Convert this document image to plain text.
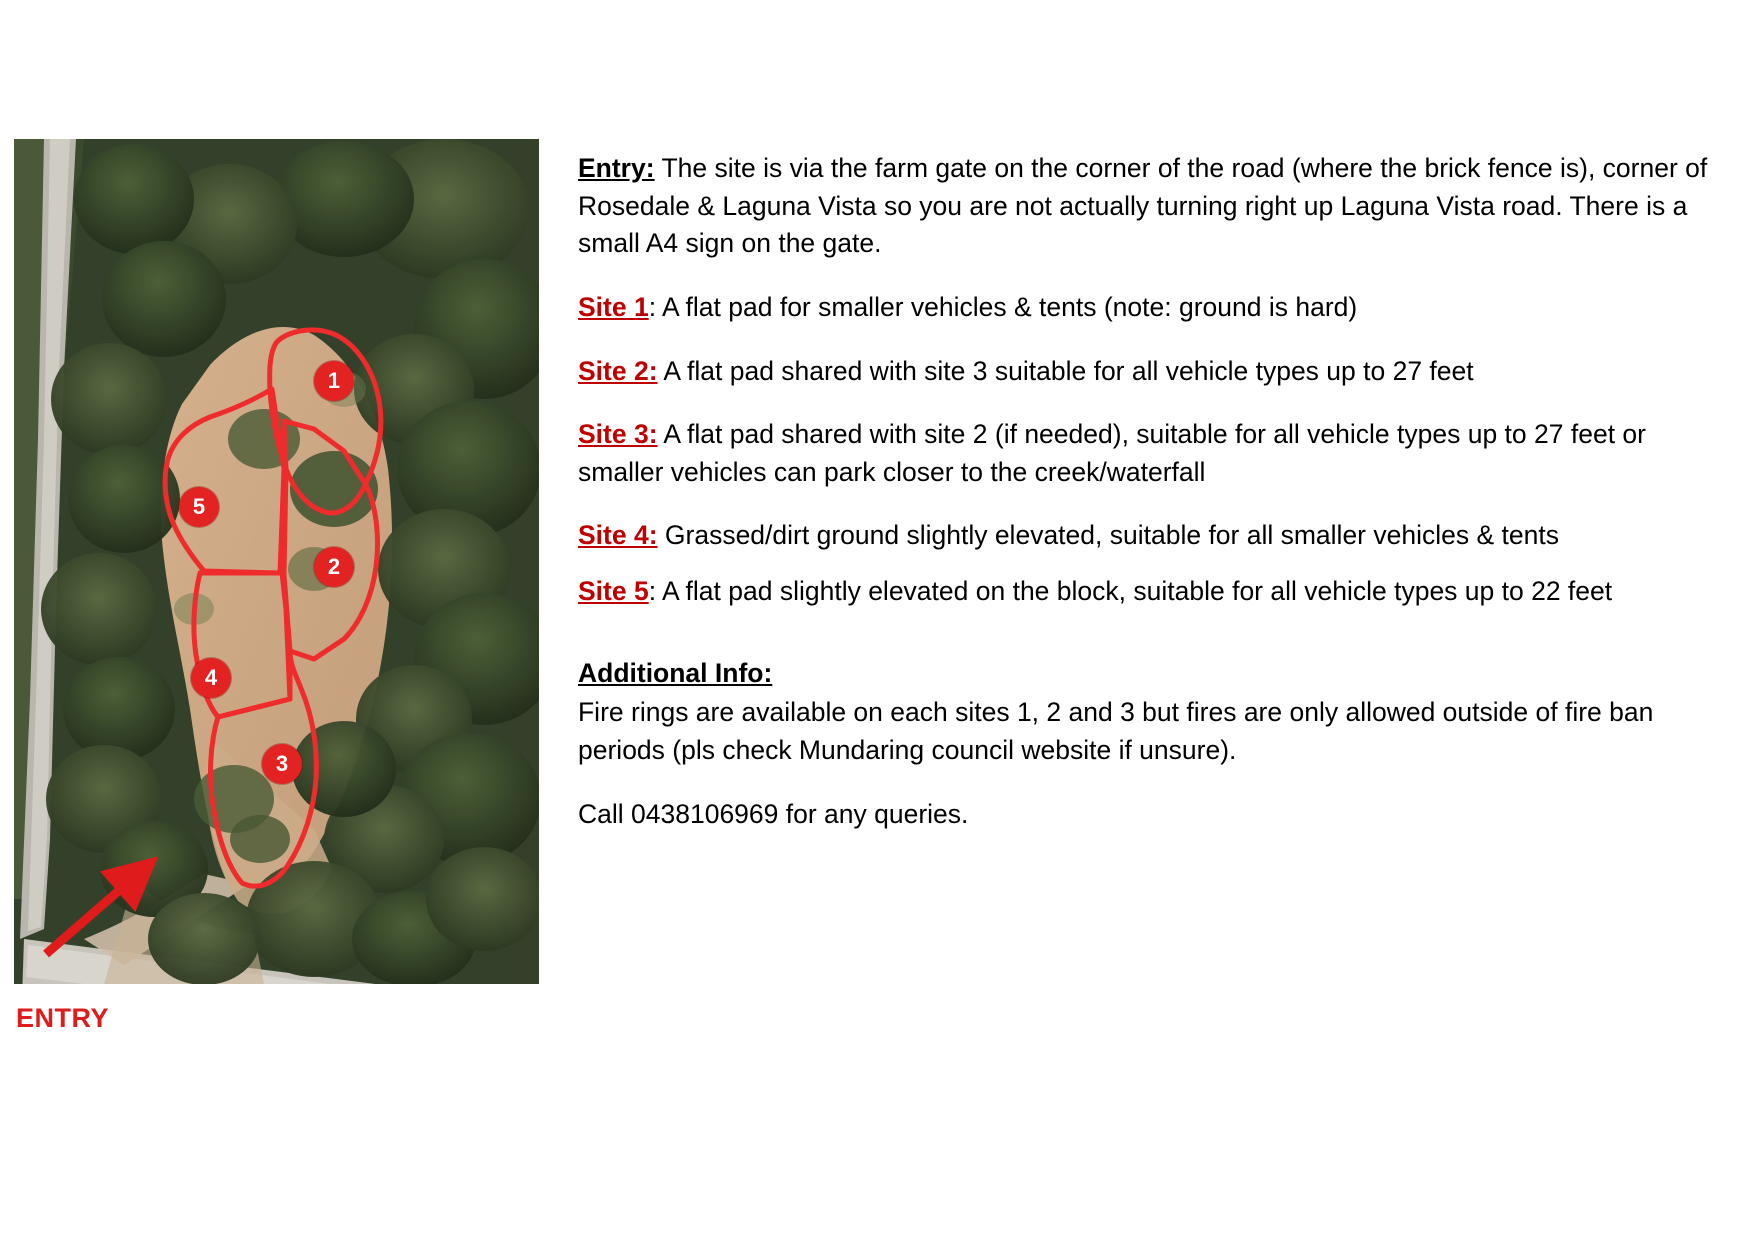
1
5
2
4
3
ENTRY

Entry: The site is via the farm gate on the corner of the road (where the brick fence is), corner of Rosedale & Laguna Vista so you are not actually turning right up Laguna Vista road. There is a small A4 sign on the gate.

Site 1: A flat pad for smaller vehicles & tents (note: ground is hard)

Site 2: A flat pad shared with site 3 suitable for all vehicle types up to 27 feet

Site 3: A flat pad shared with site 2 (if needed), suitable for all vehicle types up to 27 feet or smaller vehicles can park closer to the creek/waterfall

Site 4: Grassed/dirt ground slightly elevated, suitable for all smaller vehicles & tents

Site 5: A flat pad slightly elevated on the block, suitable for all vehicle types up to 22 feet

Additional Info:
Fire rings are available on each sites 1, 2 and 3 but fires are only allowed outside of fire ban periods (pls check Mundaring council website if unsure).

Call 0438106969 for any queries.
